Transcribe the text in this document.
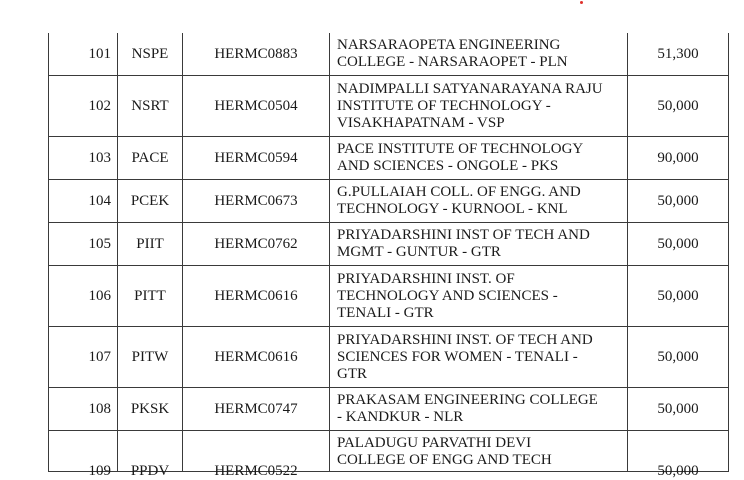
101	NSPE	HERMC0883	NARSARAOPETA ENGINEERING
COLLEGE - NARSARAOPET - PLN	51,300
102	NSRT	HERMC0504	NADIMPALLI SATYANARAYANA RAJU
INSTITUTE OF TECHNOLOGY -
VISAKHAPATNAM - VSP	50,000
103	PACE	HERMC0594	PACE INSTITUTE OF TECHNOLOGY
AND SCIENCES - ONGOLE - PKS	90,000
104	PCEK	HERMC0673	G.PULLAIAH COLL. OF ENGG. AND
TECHNOLOGY - KURNOOL - KNL	50,000
105	PIIT	HERMC0762	PRIYADARSHINI INST OF TECH AND
MGMT - GUNTUR - GTR	50,000
106	PITT	HERMC0616	PRIYADARSHINI INST. OF
TECHNOLOGY AND SCIENCES -
TENALI - GTR	50,000
107	PITW	HERMC0616	PRIYADARSHINI INST. OF TECH AND
SCIENCES FOR WOMEN - TENALI -
GTR	50,000
108	PKSK	HERMC0747	PRAKASAM ENGINEERING COLLEGE
- KANDKUR - NLR	50,000

109	PPDV	HERMC0522	PALADUGU PARVATHI DEVI
COLLEGE OF ENGG AND TECH	50,000
